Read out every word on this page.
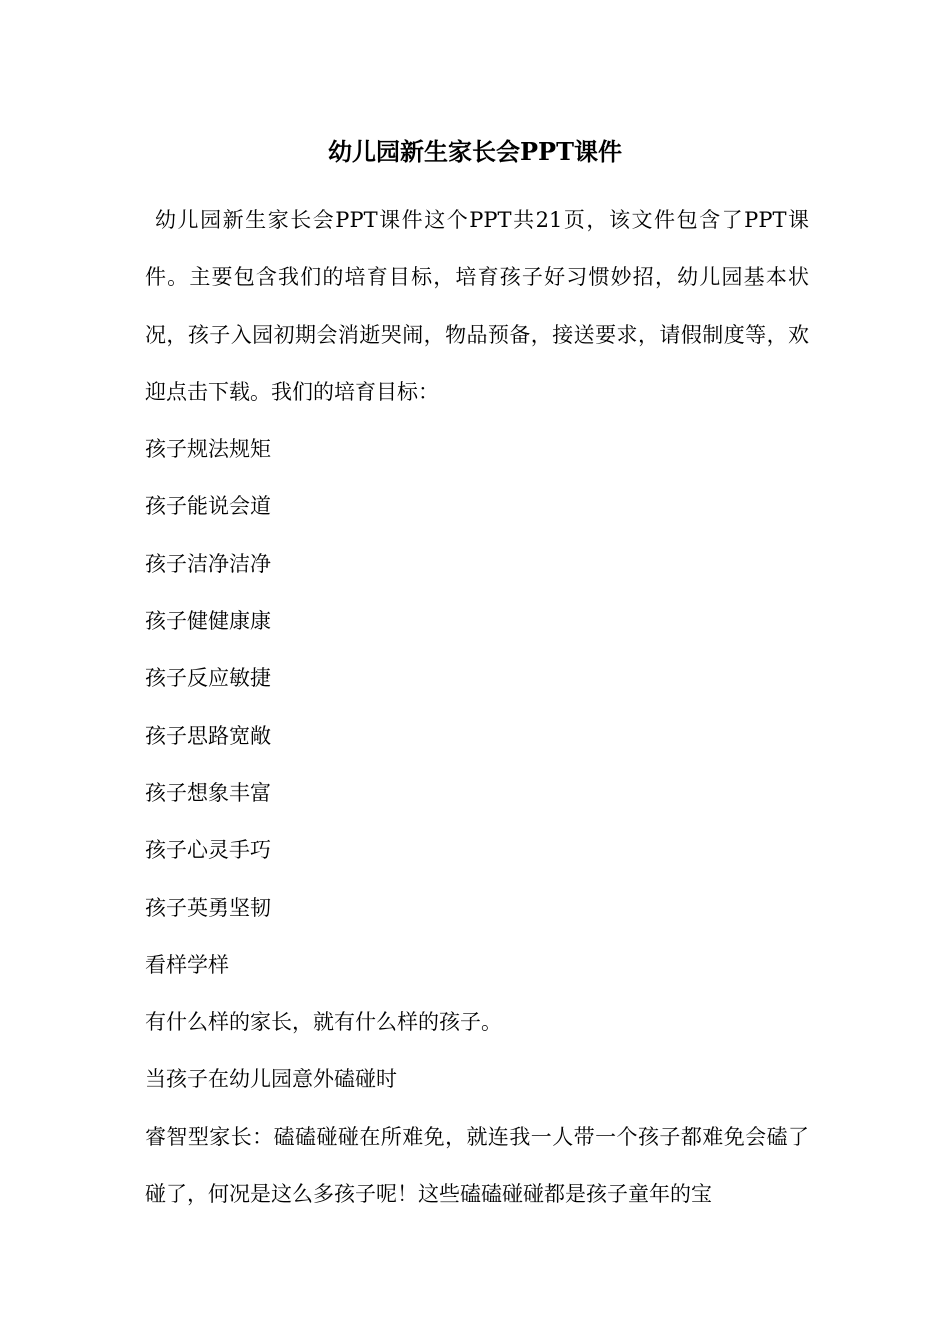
幼儿园新生家长会PPT课件

幼儿园新生家长会PPT课件这个PPT共21页，该文件包含了PPT课件。主要包含我们的培育目标，培育孩子好习惯妙招，幼儿园基本状况，孩子入园初期会消逝哭闹，物品预备，接送要求，请假制度等，欢迎点击下载。我们的培育目标：

孩子规法规矩

孩子能说会道

孩子洁净洁净

孩子健健康康

孩子反应敏捷

孩子思路宽敞

孩子想象丰富

孩子心灵手巧

孩子英勇坚韧

看样学样

有什么样的家长，就有什么样的孩子。

当孩子在幼儿园意外磕碰时

睿智型家长：磕磕碰碰在所难免，就连我一人带一个孩子都难免会磕了碰了，何况是这么多孩子呢！这些磕磕碰碰都是孩子童年的宝
